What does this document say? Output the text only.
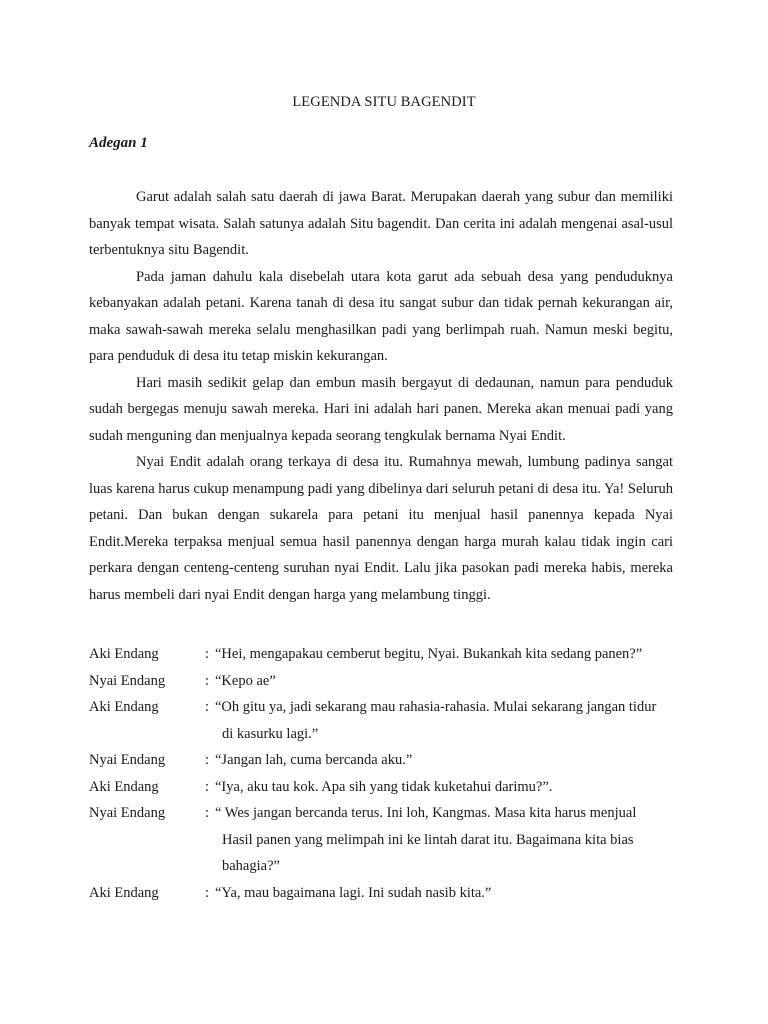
LEGENDA SITU BAGENDIT
Adegan 1

Garut adalah salah satu daerah di jawa Barat. Merupakan daerah yang subur dan memiliki banyak tempat wisata. Salah satunya adalah Situ bagendit. Dan cerita ini adalah mengenai asal-usul terbentuknya situ Bagendit.

Pada jaman dahulu kala disebelah utara kota garut ada sebuah desa yang penduduknya kebanyakan adalah petani. Karena tanah di desa itu sangat subur dan tidak pernah kekurangan air, maka sawah-sawah mereka selalu menghasilkan padi yang berlimpah ruah. Namun meski begitu, para penduduk di desa itu tetap miskin kekurangan.

Hari masih sedikit gelap dan embun masih bergayut di dedaunan, namun para penduduk sudah bergegas menuju sawah mereka. Hari ini adalah hari panen. Mereka akan menuai padi yang sudah menguning dan menjualnya kepada seorang tengkulak bernama Nyai Endit.

Nyai Endit adalah orang terkaya di desa itu. Rumahnya mewah, lumbung padinya sangat luas karena harus cukup menampung padi yang dibelinya dari seluruh petani di desa itu. Ya! Seluruh petani. Dan bukan dengan sukarela para petani itu menjual hasil panennya kepada Nyai Endit.Mereka terpaksa menjual semua hasil panennya dengan harga murah kalau tidak ingin cari perkara dengan centeng-centeng suruhan nyai Endit. Lalu jika pasokan padi mereka habis, mereka harus membeli dari nyai Endit dengan harga yang melambung tinggi.

Aki Endang	: “Hei, mengapakau cemberut begitu, Nyai. Bukankah kita sedang panen?”
Nyai Endang	: “Kepo ae”
Aki Endang	: “Oh gitu ya, jadi sekarang mau rahasia-rahasia. Mulai sekarang jangan tidur
di kasurku lagi.”
Nyai Endang	: “Jangan lah, cuma bercanda aku.”
Aki Endang	: “Iya, aku tau kok. Apa sih yang tidak kuketahui darimu?”.
Nyai Endang	: “ Wes jangan bercanda terus. Ini loh, Kangmas. Masa kita harus menjual
Hasil panen yang melimpah ini ke lintah darat itu. Bagaimana kita bias bahagia?”
Aki Endang	: “Ya, mau bagaimana lagi. Ini sudah nasib kita.”
